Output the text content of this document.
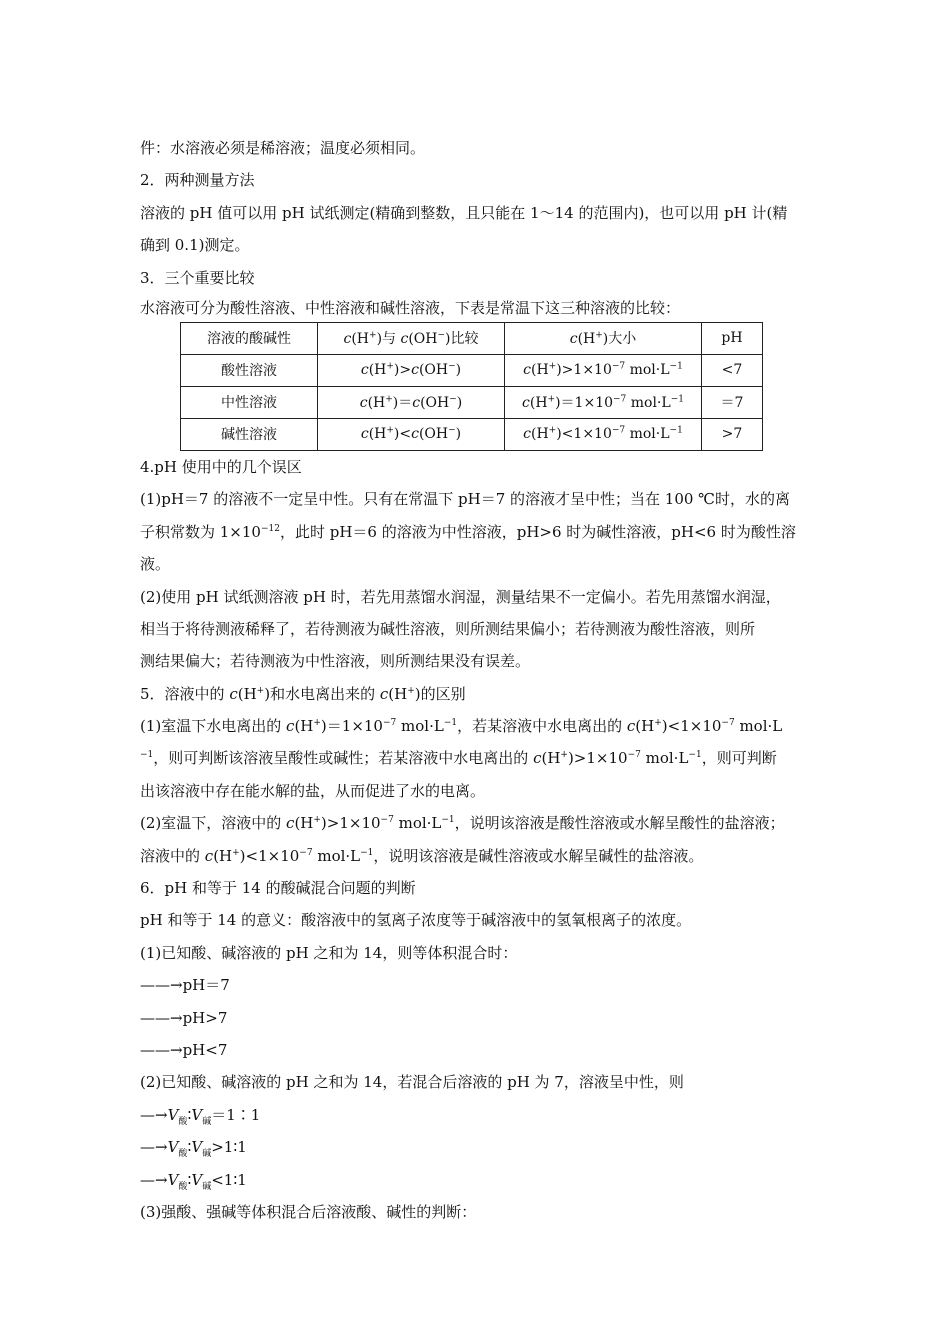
件：水溶液必须是稀溶液；温度必须相同。
2．两种测量方法
溶液的 pH 值可以用 pH 试纸测定(精确到整数，且只能在 1～14 的范围内)，也可以用 pH 计(精
确到 0.1)测定。
3．三个重要比较
水溶液可分为酸性溶液、中性溶液和碱性溶液，下表是常温下这三种溶液的比较：
溶液的酸碱性	c(H+)与 c(OH−)比较	c(H+)大小	pH
酸性溶液	c(H+)>c(OH−)	$c(H^+)>1\times 10^{-7}$ $mol\cdot L^{-1}$	<7
中性溶液	c(H+)＝c(OH−)	$c(H^+)=1\times 10^{-7}$ $mol\cdot L^{-1}$	＝7
碱性溶液	c(H+)<c(OH−)	$c(H^+)<1\times 10^{-7}$ $mol\cdot L^{-1}$	>7
4.pH 使用中的几个误区
(1)pH＝7 的溶液不一定呈中性。只有在常温下 pH＝7 的溶液才呈中性；当在 100 ℃时，水的离
子积常数为 $1\times 10^{-12}$，此时 pH＝6 的溶液为中性溶液，pH>6 时为碱性溶液，pH<6 时为酸性溶
液。
(2)使用 pH 试纸测溶液 pH 时，若先用蒸馏水润湿，测量结果不一定偏小。若先用蒸馏水润湿，
相当于将待测液稀释了，若待测液为碱性溶液，则所测结果偏小；若待测液为酸性溶液，则所
测结果偏大；若待测液为中性溶液，则所测结果没有误差。
5．溶液中的 c(H+)和水电离出来的 c(H+)的区别
(1)室温下水电离出的 $c(H^+)=1\times 10^{-7}$ $mol\cdot L^{-1}$，若某溶液中水电离出的 $c(H^+)<1\times 10^{-7}$ mol·L
$^{-1}$，则可判断该溶液呈酸性或碱性；若某溶液中水电离出的 $c(H^+)>1\times 10^{-7}$ $mol\cdot L^{-1}$，则可判断
出该溶液中存在能水解的盐，从而促进了水的电离。
(2)室温下，溶液中的 $c(H^+)>1\times 10^{-7}$ $mol\cdot L^{-1}$，说明该溶液是酸性溶液或水解呈酸性的盐溶液；
溶液中的 $c(H^+)<1\times 10^{-7}$ $mol\cdot L^{-1}$，说明该溶液是碱性溶液或水解呈碱性的盐溶液。
6．pH 和等于 14 的酸碱混合问题的判断
pH 和等于 14 的意义：酸溶液中的氢离子浓度等于碱溶液中的氢氧根离子的浓度。
(1)已知酸、碱溶液的 pH 之和为 14，则等体积混合时：
——→pH＝7
——→pH>7
——→pH<7
(2)已知酸、碱溶液的 pH 之和为 14，若混合后溶液的 pH 为 7，溶液呈中性，则
$—\to V_酸∶V_碱=1∶1$
$—\to V_酸∶V_碱>1∶1$
$—\to V_酸∶V_碱<1∶1$
(3)强酸、强碱等体积混合后溶液酸、碱性的判断：
